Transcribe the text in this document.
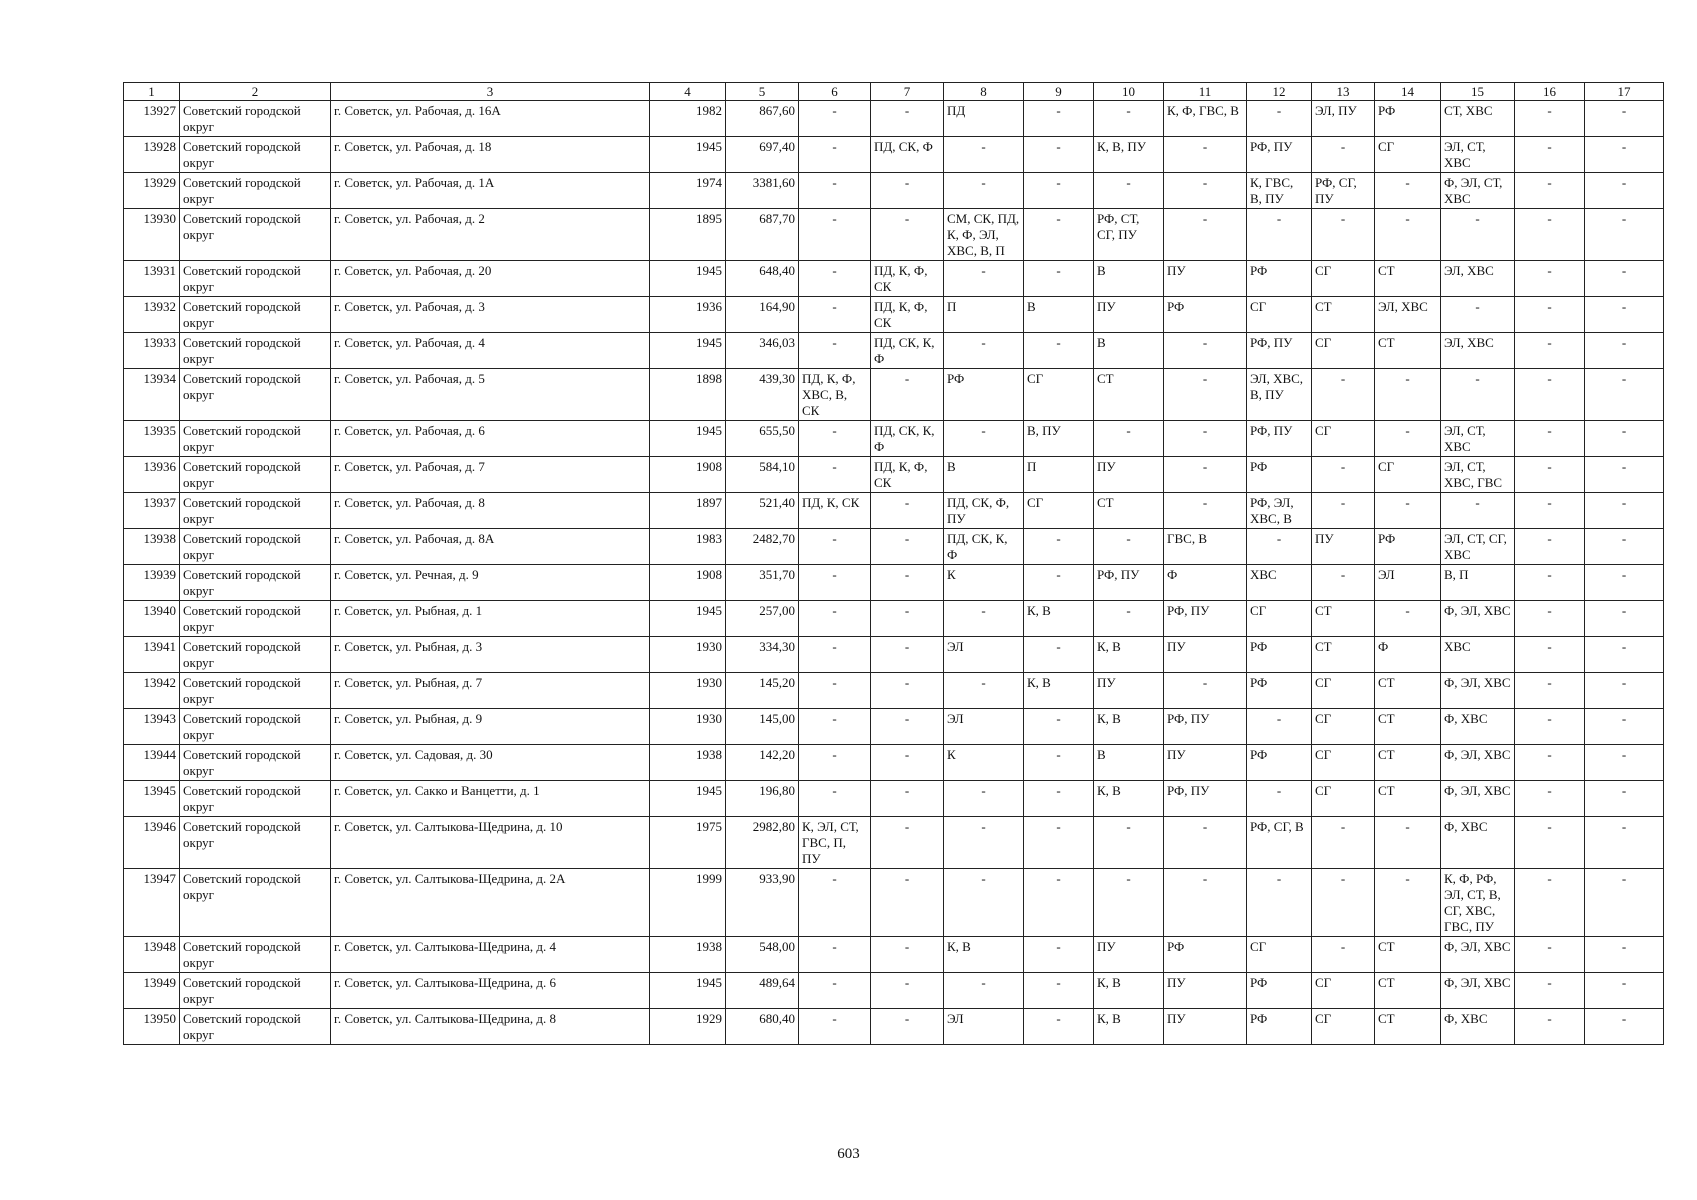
1	2	3	4	5	6	7	8	9	10	11	12	13	14	15	16	17
13927	Советский городской округ	г. Советск, ул. Рабочая, д. 16А	1982	867,60	-	-	ПД	-	-	К, Ф, ГВС, В	-	ЭЛ, ПУ	РФ	СТ, ХВС	-	-
13928	Советский городской округ	г. Советск, ул. Рабочая, д. 18	1945	697,40	-	ПД, СК, Ф	-	-	К, В, ПУ	-	РФ, ПУ	-	СГ	ЭЛ, СТ, ХВС	-	-
13929	Советский городской округ	г. Советск, ул. Рабочая, д. 1А	1974	3381,60	-	-	-	-	-	-	К, ГВС, В, ПУ	РФ, СГ, ПУ	-	Ф, ЭЛ, СТ, ХВС	-	-
13930	Советский городской округ	г. Советск, ул. Рабочая, д. 2	1895	687,70	-	-	СМ, СК, ПД, К, Ф, ЭЛ, ХВС, В, П	-	РФ, СТ, СГ, ПУ	-	-	-	-	-	-	-
13931	Советский городской округ	г. Советск, ул. Рабочая, д. 20	1945	648,40	-	ПД, К, Ф, СК	-	-	В	ПУ	РФ	СГ	СТ	ЭЛ, ХВС	-	-
13932	Советский городской округ	г. Советск, ул. Рабочая, д. 3	1936	164,90	-	ПД, К, Ф, СК	П	В	ПУ	РФ	СГ	СТ	ЭЛ, ХВС	-	-	-
13933	Советский городской округ	г. Советск, ул. Рабочая, д. 4	1945	346,03	-	ПД, СК, К, Ф	-	-	В	-	РФ, ПУ	СГ	СТ	ЭЛ, ХВС	-	-
13934	Советский городской округ	г. Советск, ул. Рабочая, д. 5	1898	439,30	ПД, К, Ф, ХВС, В, СК	-	РФ	СГ	СТ	-	ЭЛ, ХВС, В, ПУ	-	-	-	-	-
13935	Советский городской округ	г. Советск, ул. Рабочая, д. 6	1945	655,50	-	ПД, СК, К, Ф	-	В, ПУ	-	-	РФ, ПУ	СГ	-	ЭЛ, СТ, ХВС	-	-
13936	Советский городской округ	г. Советск, ул. Рабочая, д. 7	1908	584,10	-	ПД, К, Ф, СК	В	П	ПУ	-	РФ	-	СГ	ЭЛ, СТ, ХВС, ГВС	-	-
13937	Советский городской округ	г. Советск, ул. Рабочая, д. 8	1897	521,40	ПД, К, СК	-	ПД, СК, Ф, ПУ	СГ	СТ	-	РФ, ЭЛ, ХВС, В	-	-	-	-	-
13938	Советский городской округ	г. Советск, ул. Рабочая, д. 8А	1983	2482,70	-	-	ПД, СК, К, Ф	-	-	ГВС, В	-	ПУ	РФ	ЭЛ, СТ, СГ, ХВС	-	-
13939	Советский городской округ	г. Советск, ул. Речная, д. 9	1908	351,70	-	-	К	-	РФ, ПУ	Ф	ХВС	-	ЭЛ	В, П	-	-
13940	Советский городской округ	г. Советск, ул. Рыбная, д. 1	1945	257,00	-	-	-	К, В	-	РФ, ПУ	СГ	СТ	-	Ф, ЭЛ, ХВС	-	-
13941	Советский городской округ	г. Советск, ул. Рыбная, д. 3	1930	334,30	-	-	ЭЛ	-	К, В	ПУ	РФ	СТ	Ф	ХВС	-	-
13942	Советский городской округ	г. Советск, ул. Рыбная, д. 7	1930	145,20	-	-	-	К, В	ПУ	-	РФ	СГ	СТ	Ф, ЭЛ, ХВС	-	-
13943	Советский городской округ	г. Советск, ул. Рыбная, д. 9	1930	145,00	-	-	ЭЛ	-	К, В	РФ, ПУ	-	СГ	СТ	Ф, ХВС	-	-
13944	Советский городской округ	г. Советск, ул. Садовая, д. 30	1938	142,20	-	-	К	-	В	ПУ	РФ	СГ	СТ	Ф, ЭЛ, ХВС	-	-
13945	Советский городской округ	г. Советск, ул. Сакко и Ванцетти, д. 1	1945	196,80	-	-	-	-	К, В	РФ, ПУ	-	СГ	СТ	Ф, ЭЛ, ХВС	-	-
13946	Советский городской округ	г. Советск, ул. Салтыкова-Щедрина, д. 10	1975	2982,80	К, ЭЛ, СТ, ГВС, П, ПУ	-	-	-	-	-	РФ, СГ, В	-	-	Ф, ХВС	-	-
13947	Советский городской округ	г. Советск, ул. Салтыкова-Щедрина, д. 2А	1999	933,90	-	-	-	-	-	-	-	-	-	К, Ф, РФ, ЭЛ, СТ, В, СГ, ХВС, ГВС, ПУ	-	-
13948	Советский городской округ	г. Советск, ул. Салтыкова-Щедрина, д. 4	1938	548,00	-	-	К, В	-	ПУ	РФ	СГ	-	СТ	Ф, ЭЛ, ХВС	-	-
13949	Советский городской округ	г. Советск, ул. Салтыкова-Щедрина, д. 6	1945	489,64	-	-	-	-	К, В	ПУ	РФ	СГ	СТ	Ф, ЭЛ, ХВС	-	-
13950	Советский городской округ	г. Советск, ул. Салтыкова-Щедрина, д. 8	1929	680,40	-	-	ЭЛ	-	К, В	ПУ	РФ	СГ	СТ	Ф, ХВС	-	-
603
